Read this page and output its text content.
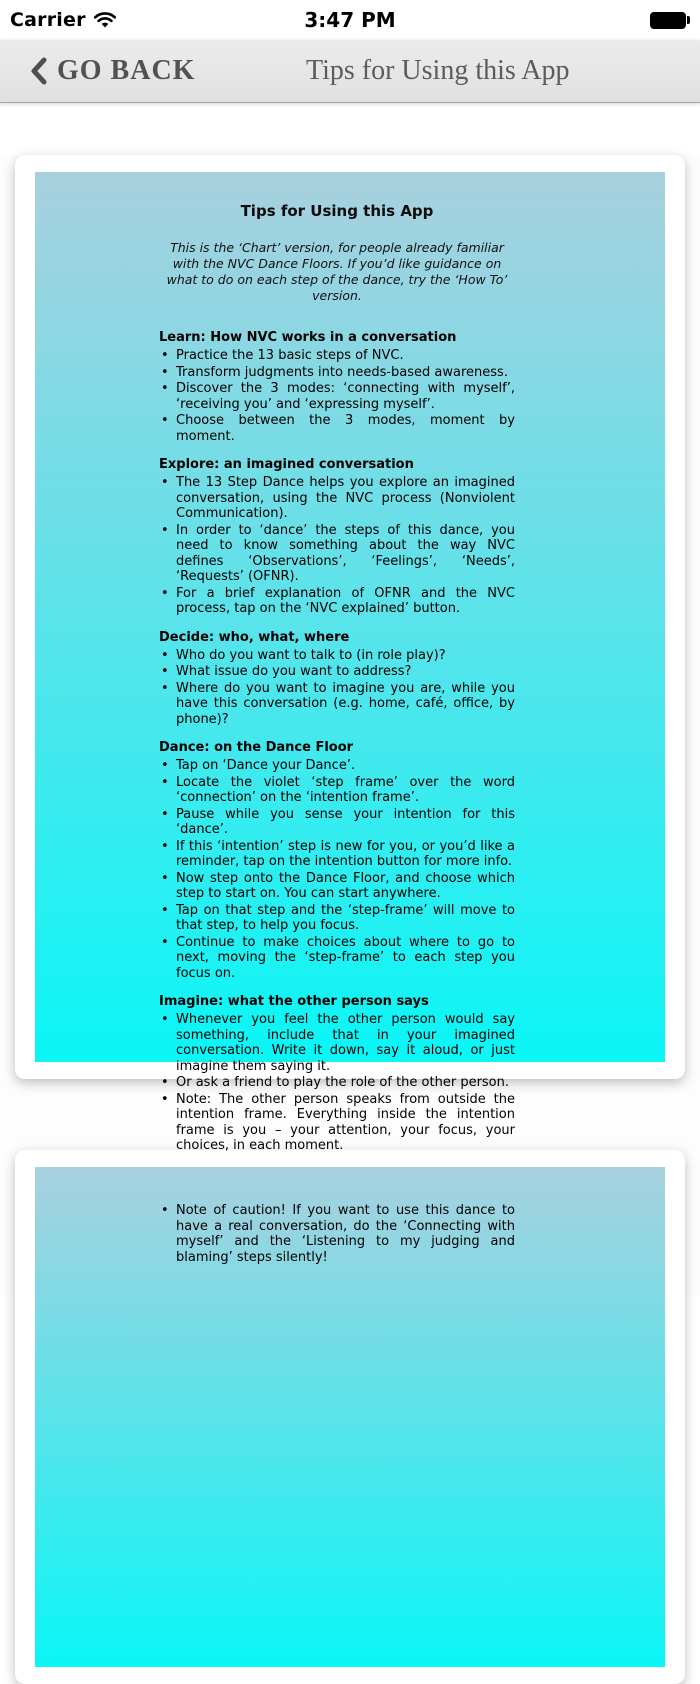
Carrier	3:47 PM
GO BACK	Tips for Using this App
Tips for Using this App
This is the ‘Chart’ version, for people already familiar with the NVC Dance Floors. If you’d like guidance on what to do on each step of the dance, try the ‘How To’ version.
Learn: How NVC works in a conversation
• Practice the 13 basic steps of NVC.
• Transform judgments into needs-based awareness.
• Discover the 3 modes: ‘connecting with myself’, ‘receiving you’ and ‘expressing myself’.
• Choose between the 3 modes, moment by moment.
Explore: an imagined conversation
• The 13 Step Dance helps you explore an imagined conversation, using the NVC process (Nonviolent Communication).
• In order to ‘dance’ the steps of this dance, you need to know something about the way NVC defines ‘Observations’, ‘Feelings’, ‘Needs’, ‘Requests’ (OFNR).
• For a brief explanation of OFNR and the NVC process, tap on the ‘NVC explained’ button.
Decide: who, what, where
• Who do you want to talk to (in role play)?
• What issue do you want to address?
• Where do you want to imagine you are, while you have this conversation (e.g. home, café, office, by phone)?
Dance: on the Dance Floor
• Tap on ‘Dance your Dance’.
• Locate the violet ‘step frame’ over the word ‘connection’ on the ‘intention frame’.
• Pause while you sense your intention for this ‘dance’.
• If this ‘intention’ step is new for you, or you’d like a reminder, tap on the intention button for more info.
• Now step onto the Dance Floor, and choose which step to start on. You can start anywhere.
• Tap on that step and the ‘step-frame’ will move to that step, to help you focus.
• Continue to make choices about where to go to next, moving the ‘step-frame’ to each step you focus on.
Imagine: what the other person says
• Whenever you feel the other person would say something, include that in your imagined conversation. Write it down, say it aloud, or just imagine them saying it.
• Or ask a friend to play the role of the other person.
• Note: The other person speaks from outside the intention frame. Everything inside the intention frame is you – your attention, your focus, your choices, in each moment.
• Note of caution! If you want to use this dance to have a real conversation, do the ‘Connecting with myself’ and the ‘Listening to my judging and blaming’ steps silently!
